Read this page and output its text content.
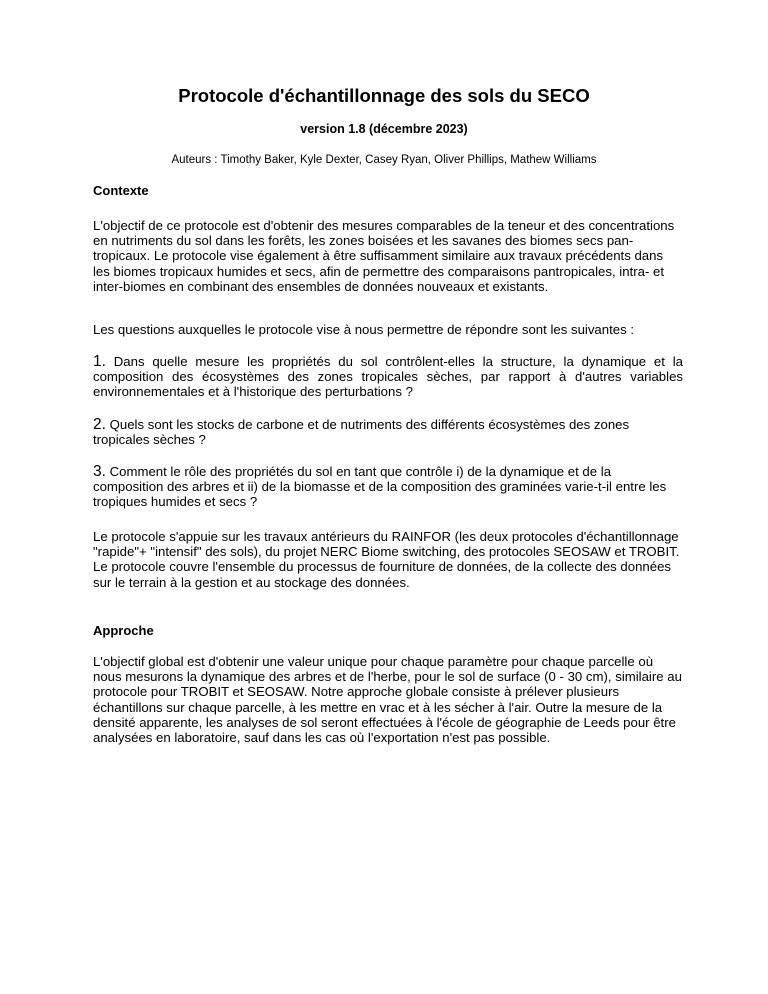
Protocole d'échantillonnage des sols du SECO
version 1.8 (décembre 2023)
Auteurs : Timothy Baker, Kyle Dexter, Casey Ryan, Oliver Phillips, Mathew Williams
Contexte
L'objectif de ce protocole est d'obtenir des mesures comparables de la teneur et des concentrations en nutriments du sol dans les forêts, les zones boisées et les savanes des biomes secs pan-tropicaux. Le protocole vise également à être suffisamment similaire aux travaux précédents dans les biomes tropicaux humides et secs, afin de permettre des comparaisons pantropicales, intra- et inter-biomes en combinant des ensembles de données nouveaux et existants.
Les questions auxquelles le protocole vise à nous permettre de répondre sont les suivantes :
1. Dans quelle mesure les propriétés du sol contrôlent-elles la structure, la dynamique et la composition des écosystèmes des zones tropicales sèches, par rapport à d'autres variables environnementales et à l'historique des perturbations ?
2. Quels sont les stocks de carbone et de nutriments des différents écosystèmes des zones tropicales sèches ?
3. Comment le rôle des propriétés du sol en tant que contrôle i) de la dynamique et de la composition des arbres et ii) de la biomasse et de la composition des graminées varie-t-il entre les tropiques humides et secs ?
Le protocole s'appuie sur les travaux antérieurs du RAINFOR (les deux protocoles d'échantillonnage "rapide"+ "intensif" des sols), du projet NERC Biome switching, des protocoles SEOSAW et TROBIT. Le protocole couvre l'ensemble du processus de fourniture de données, de la collecte des données sur le terrain à la gestion et au stockage des données.
Approche
L'objectif global est d'obtenir une valeur unique pour chaque paramètre pour chaque parcelle où nous mesurons la dynamique des arbres et de l'herbe, pour le sol de surface (0 - 30 cm), similaire au protocole pour TROBIT et SEOSAW. Notre approche globale consiste à prélever plusieurs échantillons sur chaque parcelle, à les mettre en vrac et à les sécher à l'air. Outre la mesure de la densité apparente, les analyses de sol seront effectuées à l'école de géographie de Leeds pour être analysées en laboratoire, sauf dans les cas où l'exportation n'est pas possible.
